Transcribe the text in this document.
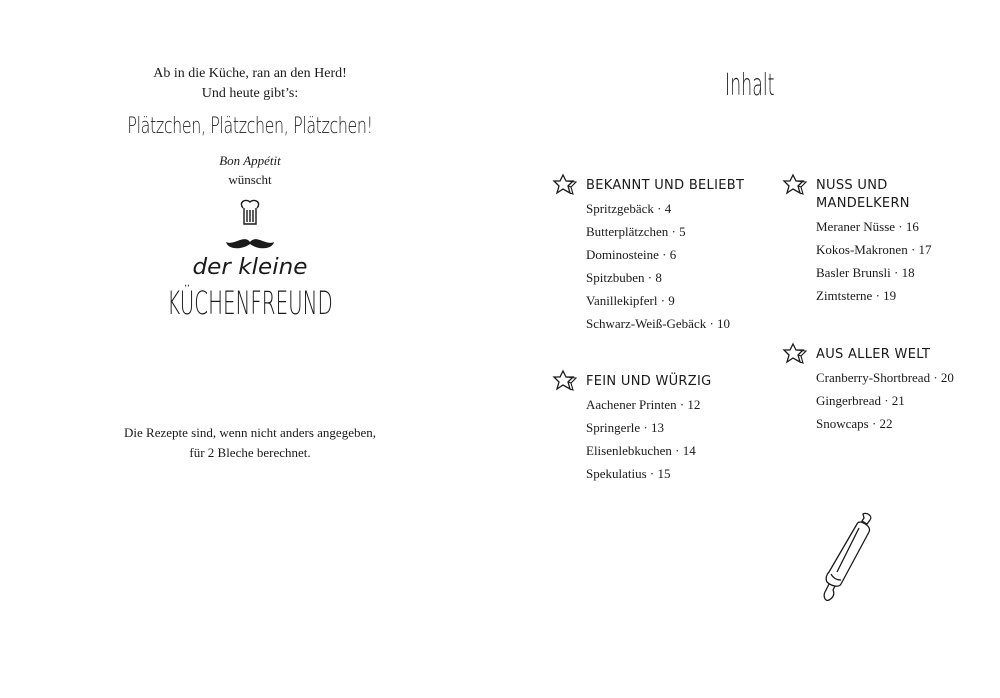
Ab in die Küche, ran an den Herd!
Und heute gibt’s:
Plätzchen, Plätzchen, Plätzchen!
Bon Appétit
wünscht
der kleine
KÜCHENFREUND
Die Rezepte sind, wenn nicht anders angegeben,
für 2 Bleche berechnet.
Inhalt
BEKANNT UND BELIEBT
Spritzgebäck · 4
Butterplätzchen · 5
Dominosteine · 6
Spitzbuben · 8
Vanillekipferl · 9
Schwarz-Weiß-Gebäck · 10
FEIN UND WÜRZIG
Aachener Printen · 12
Springerle · 13
Elisenlebkuchen · 14
Spekulatius · 15
NUSS UND MANDELKERN
Meraner Nüsse · 16
Kokos-Makronen · 17
Basler Brunsli · 18
Zimtsterne · 19
AUS ALLER WELT
Cranberry-Shortbread · 20
Gingerbread · 21
Snowcaps · 22
